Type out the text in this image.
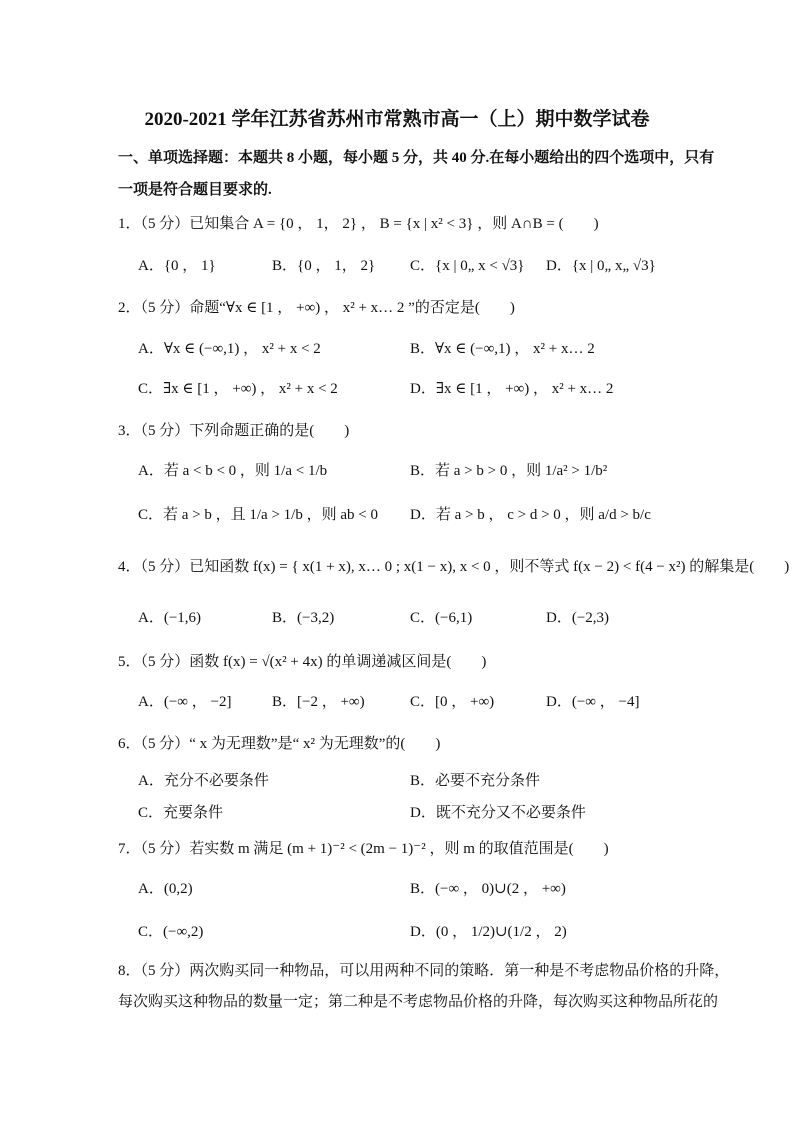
2020-2021 学年江苏省苏州市常熟市高一（上）期中数学试卷
一、单项选择题：本题共 8 小题，每小题 5 分，共 40 分.在每小题给出的四个选项中，只有
一项是符合题目要求的.
1．（5 分）已知集合 A = {0 ， 1， 2} ， B = {x | x² < 3} ，则 A∩B = (　　)
A．{0 ， 1}	B．{0 ， 1， 2} C．{x | 0„ x < √3} D．{x | 0„ x„ √3}
2．（5 分）命题“∀x ∈ [1 ， +∞) ， x² + x… 2 ”的否定是(　　)
A．∀x ∈ (−∞,1) ， x² + x < 2	B．∀x ∈ (−∞,1) ， x² + x… 2
C．∃x ∈ [1 ， +∞) ， x² + x < 2	D．∃x ∈ [1 ， +∞) ， x² + x… 2
3．（5 分）下列命题正确的是(　　)
A．若 a < b < 0 ，则 1/a < 1/b	B．若 a > b > 0 ，则 1/a² > 1/b²
C．若 a > b ，且 1/a > 1/b ，则 ab < 0 D．若 a > b ， c > d > 0 ，则 a/d > b/c
4．（5 分）已知函数 f(x) = { x(1 + x), x… 0 ; x(1 − x), x < 0 ，则不等式 f(x − 2) < f(4 − x²) 的解集是(　　)
A．(−1,6)	B．(−3,2)	C．(−6,1)	D．(−2,3)
5．（5 分）函数 f(x) = √(x² + 4x) 的单调递减区间是(　　)
A．(−∞ ， −2]	B．[−2 ， +∞)	C．[0 ， +∞)	D．(−∞ ， −4]
6．（5 分）“ x 为无理数”是“ x² 为无理数”的(　　)
A．充分不必要条件	B．必要不充分条件
C．充要条件	D．既不充分又不必要条件
7．（5 分）若实数 m 满足 (m + 1)⁻² < (2m − 1)⁻² ，则 m 的取值范围是(　　)
A．(0,2)	B．(−∞ ， 0)∪(2 ， +∞)
C．(−∞,2)	D．(0 ， 1/2)∪(1/2 ， 2)
8．（5 分）两次购买同一种物品，可以用两种不同的策略．第一种是不考虑物品价格的升降，
每次购买这种物品的数量一定；第二种是不考虑物品价格的升降，每次购买这种物品所花的
